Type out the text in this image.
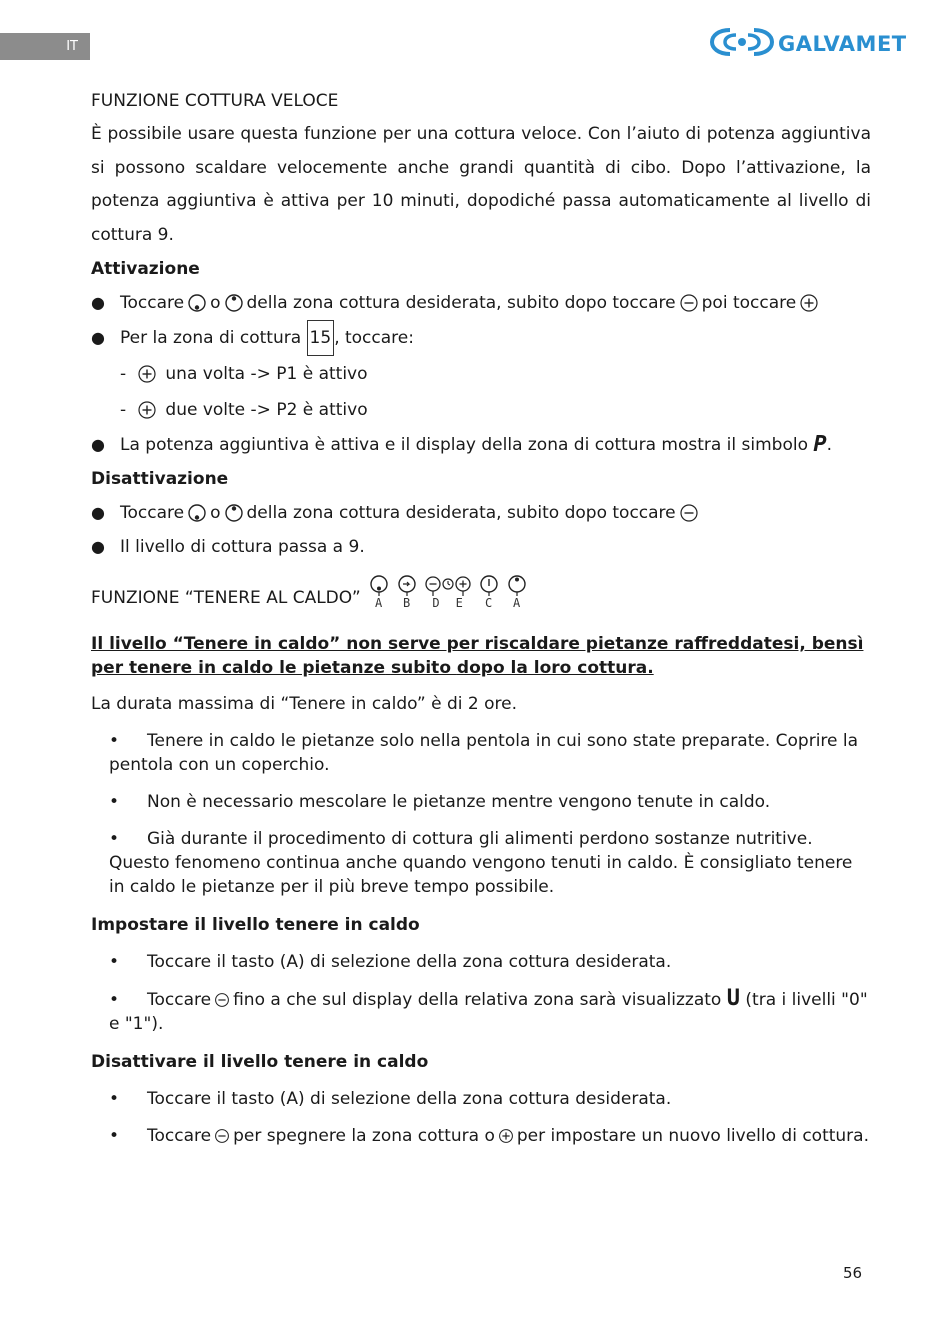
IT	GALVAMET

FUNZIONE COTTURA VELOCE

È possibile usare questa funzione per una cottura veloce. Con l’aiuto di potenza aggiuntiva si possono scaldare velocemente anche grandi quantità di cibo. Dopo l’attivazione, la potenza aggiuntiva è attiva per 10 minuti, dopodiché passa automaticamente al livello di cottura 9.

Attivazione

● Toccare o della zona cottura desiderata, subito dopo toccare poi toccare
● Per la zona di cottura
15 , toccare:
-
	una volta -> P1 è attivo
-
	due volte -> P2 è attivo
● La potenza aggiuntiva è attiva e il display della zona di cottura mostra il simbolo
P .

Disattivazione

● Toccare o della zona cottura desiderata, subito dopo toccare
● Il livello di cottura passa a 9.
FUNZIONE “TENERE AL CALDO” A B D E C A

Il livello “Tenere in caldo” non serve per riscaldare pietanze raffreddatesi, bensì per tenere in caldo le pietanze subito dopo la loro cottura.

La durata massima di “Tenere in caldo” è di 2 ore.

• Tenere in caldo le pietanze solo nella pentola in cui sono state preparate. Coprire la pentola con un coperchio.

• Non è necessario mescolare le pietanze mentre vengono tenute in caldo.

• Già durante il procedimento di cottura gli alimenti perdono sostanze nutritive. Questo fenomeno continua anche quando vengono tenuti in caldo. È consigliato tenere in caldo le pietanze per il più breve tempo possibile.

Impostare il livello tenere in caldo

• Toccare il tasto (A) di selezione della zona cottura desiderata.

• Toccare fino a che sul display della relativa zona sarà visualizzato U (tra i livelli "0" e "1").

Disattivare il livello tenere in caldo

• Toccare il tasto (A) di selezione della zona cottura desiderata.

• Toccare per spegnere la zona cottura o per impostare un nuovo livello di cottura.

56
